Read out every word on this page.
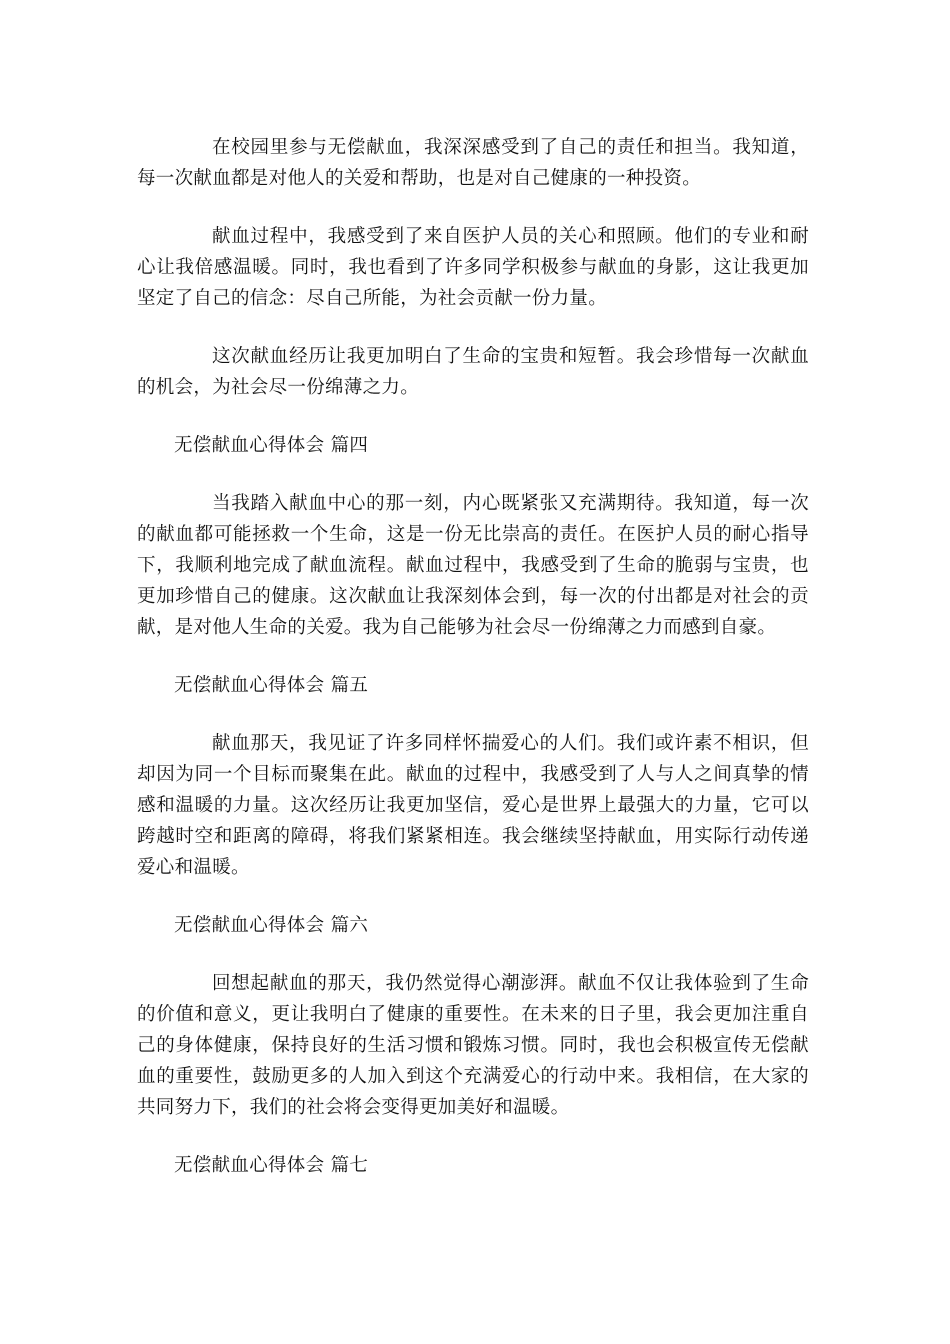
在校园里参与无偿献血，我深深感受到了自己的责任和担当。我知道，每一次献血都是对他人的关爱和帮助，也是对自己健康的一种投资。

献血过程中，我感受到了来自医护人员的关心和照顾。他们的专业和耐心让我倍感温暖。同时，我也看到了许多同学积极参与献血的身影，这让我更加坚定了自己的信念：尽自己所能，为社会贡献一份力量。

这次献血经历让我更加明白了生命的宝贵和短暂。我会珍惜每一次献血的机会，为社会尽一份绵薄之力。

无偿献血心得体会 篇四

当我踏入献血中心的那一刻，内心既紧张又充满期待。我知道，每一次的献血都可能拯救一个生命，这是一份无比崇高的责任。在医护人员的耐心指导下，我顺利地完成了献血流程。献血过程中，我感受到了生命的脆弱与宝贵，也更加珍惜自己的健康。这次献血让我深刻体会到，每一次的付出都是对社会的贡献，是对他人生命的关爱。我为自己能够为社会尽一份绵薄之力而感到自豪。

无偿献血心得体会 篇五

献血那天，我见证了许多同样怀揣爱心的人们。我们或许素不相识，但却因为同一个目标而聚集在此。献血的过程中，我感受到了人与人之间真挚的情感和温暖的力量。这次经历让我更加坚信，爱心是世界上最强大的力量，它可以跨越时空和距离的障碍，将我们紧紧相连。我会继续坚持献血，用实际行动传递爱心和温暖。

无偿献血心得体会 篇六

回想起献血的那天，我仍然觉得心潮澎湃。献血不仅让我体验到了生命的价值和意义，更让我明白了健康的重要性。在未来的日子里，我会更加注重自己的身体健康，保持良好的生活习惯和锻炼习惯。同时，我也会积极宣传无偿献血的重要性，鼓励更多的人加入到这个充满爱心的行动中来。我相信，在大家的共同努力下，我们的社会将会变得更加美好和温暖。

无偿献血心得体会 篇七
